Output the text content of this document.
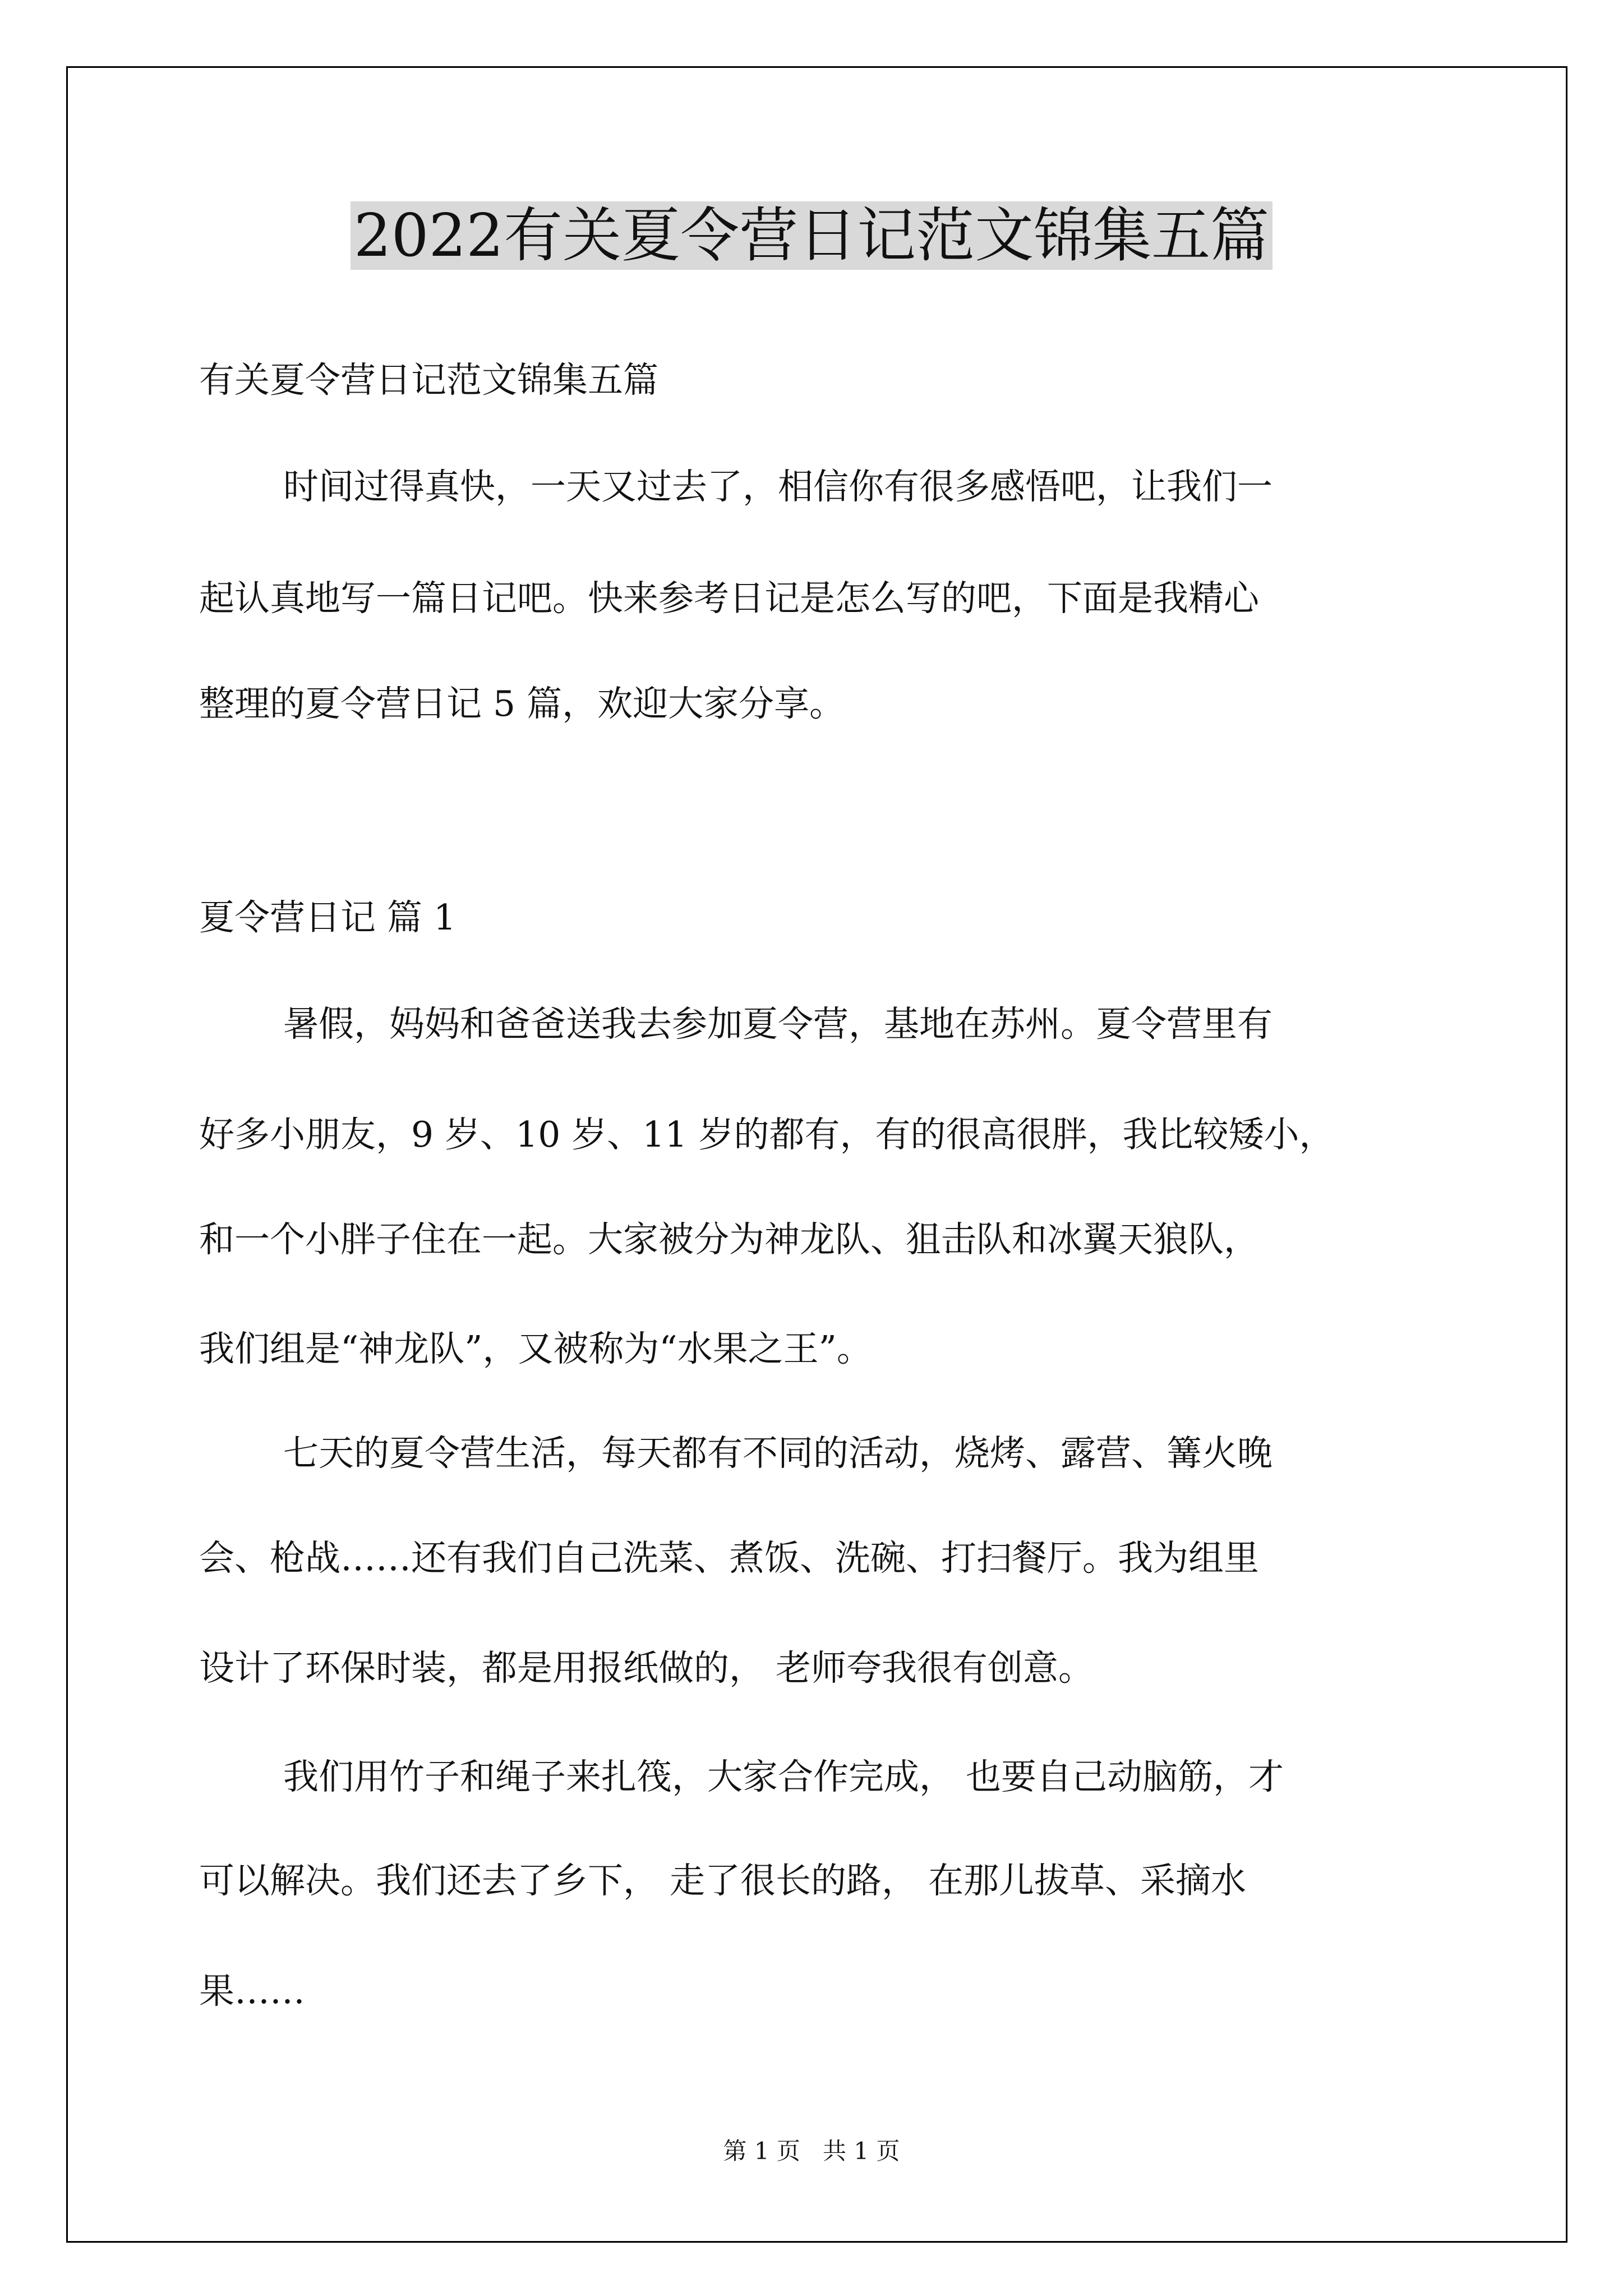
2022有关夏令营日记范文锦集五篇

有关夏令营日记范文锦集五篇

时间过得真快，一天又过去了，相信你有很多感悟吧，让我们一

起认真地写一篇日记吧。快来参考日记是怎么写的吧，下面是我精心

整理的夏令营日记 5 篇，欢迎大家分享。

夏令营日记 篇 1

暑假，妈妈和爸爸送我去参加夏令营，基地在苏州。夏令营里有

好多小朋友，9 岁、10 岁、11 岁的都有，有的很高很胖，我比较矮小，

和一个小胖子住在一起。大家被分为神龙队、狙击队和冰翼天狼队，

我们组是“神龙队”，又被称为“水果之王”。

七天的夏令营生活，每天都有不同的活动，烧烤、露营、篝火晚

会、枪战……还有我们自己洗菜、煮饭、洗碗、打扫餐厅。我为组里

设计了环保时装，都是用报纸做的， 老师夸我很有创意。

我们用竹子和绳子来扎筏，大家合作完成， 也要自己动脑筋，才

可以解决。我们还去了乡下， 走了很长的路， 在那儿拔草、采摘水

果……

第 1 页   共 1 页
